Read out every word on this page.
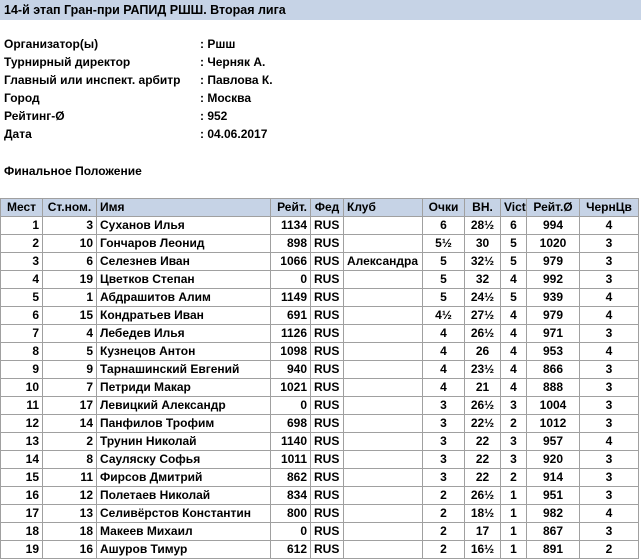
14-й этап Гран-при РАПИД РШШ. Вторая лига
Организатор(ы)	: Ршш
Турнирный директор	: Черняк А.
Главный или инспект. арбитр	: Павлова К.
Город	: Москва
Рейтинг-Ø	: 952
Дата	: 04.06.2017
Финальное Положение
Мест	Ст.ном.	Имя	Рейт.	Фед	Клуб	Очки	ВН.	Vict	Рейт.Ø	ЧернЦв
1	3	Суханов Илья	1134	RUS		6	28½	6	994	4
2	10	Гончаров Леонид	898	RUS		5½	30	5	1020	3
3	6	Селезнев Иван	1066	RUS	Александра	5	32½	5	979	3
4	19	Цветков Степан	0	RUS		5	32	4	992	3
5	1	Абдрашитов Алим	1149	RUS		5	24½	5	939	4
6	15	Кондратьев Иван	691	RUS		4½	27½	4	979	4
7	4	Лебедев Илья	1126	RUS		4	26½	4	971	3
8	5	Кузнецов Антон	1098	RUS		4	26	4	953	4
9	9	Тарнашинский Евгений	940	RUS		4	23½	4	866	3
10	7	Петриди Макар	1021	RUS		4	21	4	888	3
11	17	Левицкий Александр	0	RUS		3	26½	3	1004	3
12	14	Панфилов Трофим	698	RUS		3	22½	2	1012	3
13	2	Трунин Николай	1140	RUS		3	22	3	957	4
14	8	Сауляску Софья	1011	RUS		3	22	3	920	3
15	11	Фирсов Дмитрий	862	RUS		3	22	2	914	3
16	12	Полетаев Николай	834	RUS		2	26½	1	951	3
17	13	Селивёрстов Константин	800	RUS		2	18½	1	982	4
18	18	Макеев Михаил	0	RUS		2	17	1	867	3
19	16	Ашуров Тимур	612	RUS		2	16½	1	891	2
